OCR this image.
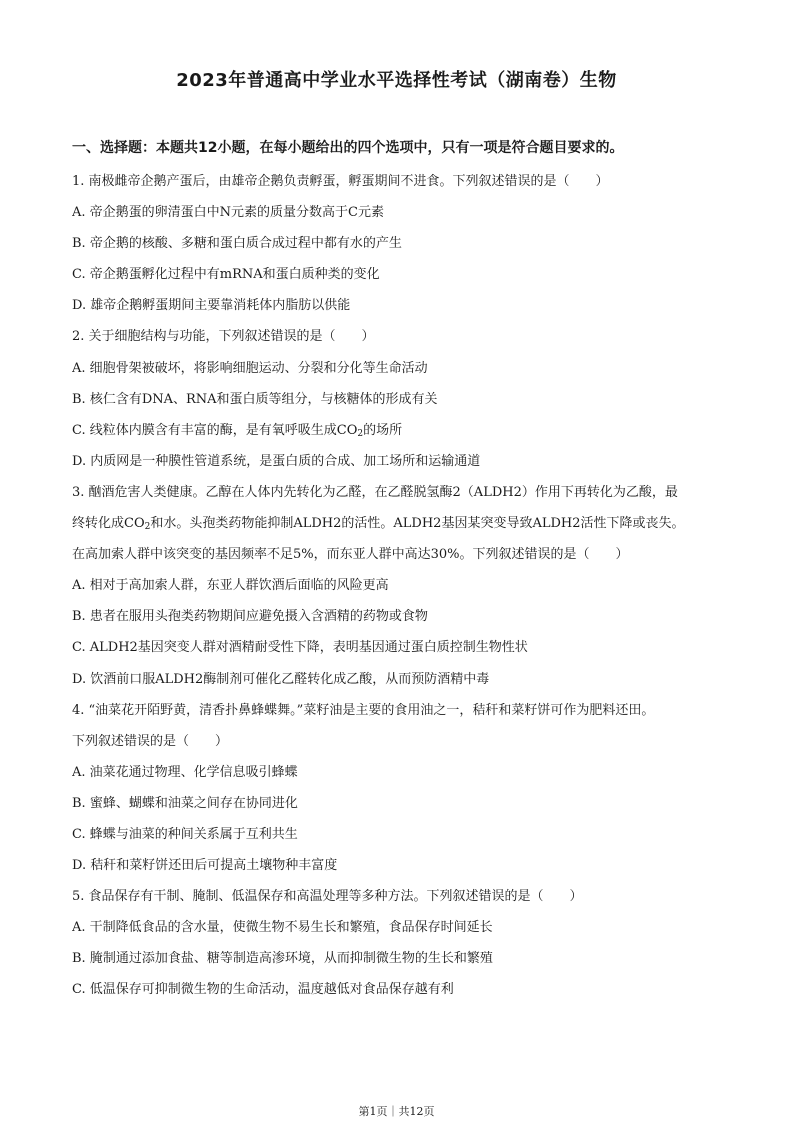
2023年普通高中学业水平选择性考试（湖南卷）生物
一、选择题：本题共12小题，在每小题给出的四个选项中，只有一项是符合题目要求的。
1. 南极雌帝企鹅产蛋后，由雄帝企鹅负责孵蛋，孵蛋期间不进食。下列叙述错误的是（　　）
A. 帝企鹅蛋的卵清蛋白中N元素的质量分数高于C元素
B. 帝企鹅的核酸、多糖和蛋白质合成过程中都有水的产生
C. 帝企鹅蛋孵化过程中有mRNA和蛋白质种类的变化
D. 雄帝企鹅孵蛋期间主要靠消耗体内脂肪以供能
2. 关于细胞结构与功能，下列叙述错误的是（　　）
A. 细胞骨架被破坏，将影响细胞运动、分裂和分化等生命活动
B. 核仁含有DNA、RNA和蛋白质等组分，与核糖体的形成有关
C. 线粒体内膜含有丰富的酶，是有氧呼吸生成$CO_2$的场所
D. 内质网是一种膜性管道系统，是蛋白质的合成、加工场所和运输通道
3. 酗酒危害人类健康。乙醇在人体内先转化为乙醛，在乙醛脱氢酶2（ALDH2）作用下再转化为乙酸，最
终转化成$CO_2$和水。头孢类药物能抑制ALDH2的活性。ALDH2基因某突变导致ALDH2活性下降或丧失。
在高加索人群中该突变的基因频率不足5%，而东亚人群中高达30%。下列叙述错误的是（　　）
A. 相对于高加索人群，东亚人群饮酒后面临的风险更高
B. 患者在服用头孢类药物期间应避免摄入含酒精的药物或食物
C. ALDH2基因突变人群对酒精耐受性下降，表明基因通过蛋白质控制生物性状
D. 饮酒前口服ALDH2酶制剂可催化乙醛转化成乙酸，从而预防酒精中毒
4. “油菜花开陌野黄，清香扑鼻蜂蝶舞。”菜籽油是主要的食用油之一，秸秆和菜籽饼可作为肥料还田。
下列叙述错误的是（　　）
A. 油菜花通过物理、化学信息吸引蜂蝶
B. 蜜蜂、蝴蝶和油菜之间存在协同进化
C. 蜂蝶与油菜的种间关系属于互利共生
D. 秸秆和菜籽饼还田后可提高土壤物种丰富度
5. 食品保存有干制、腌制、低温保存和高温处理等多种方法。下列叙述错误的是（　　）
A. 干制降低食品的含水量，使微生物不易生长和繁殖，食品保存时间延长
B. 腌制通过添加食盐、糖等制造高渗环境，从而抑制微生物的生长和繁殖
C. 低温保存可抑制微生物的生命活动，温度越低对食品保存越有利
第1页｜共12页
